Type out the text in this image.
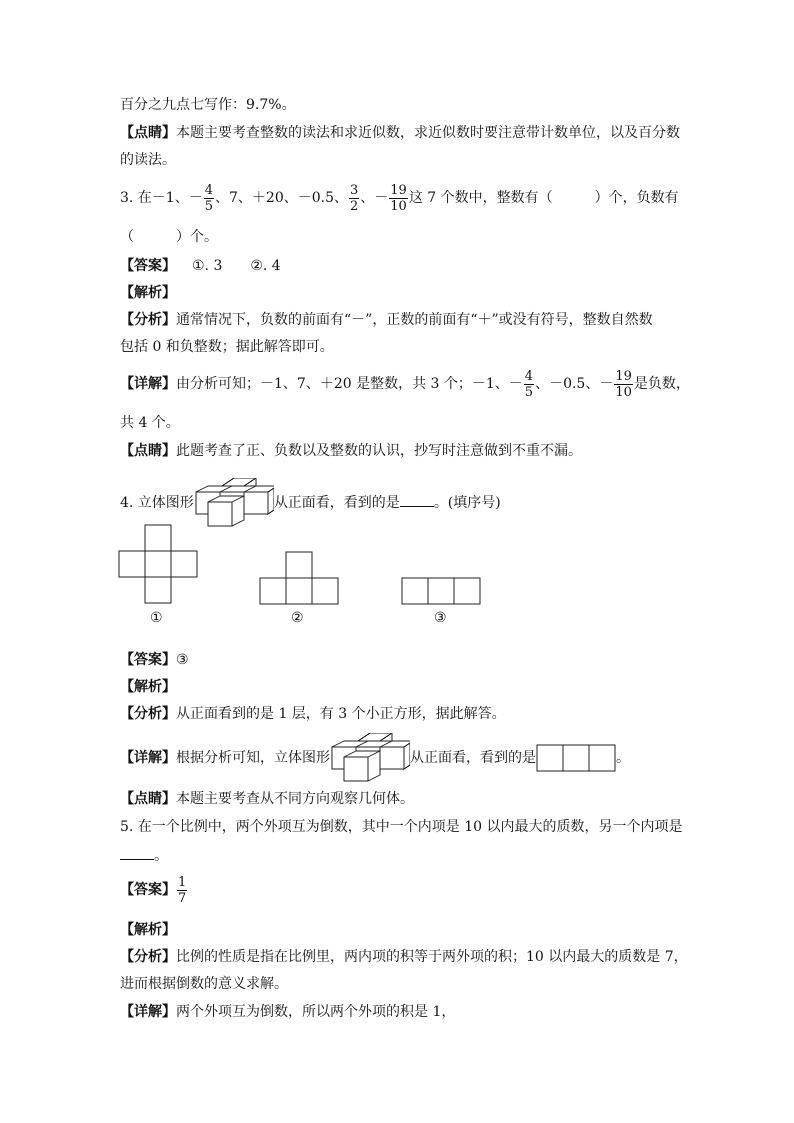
百分之九点七写作：9.7%。
【点睛】本题主要考查整数的读法和求近似数，求近似数时要注意带计数单位，以及百分数
的读法。
3. 在－1、－ $\frac{4}{5}$ 、7、＋20、－0.5、 $\frac{3}{2}$ 、－ $\frac{19}{10}$ 这 7 个数中，整数有（　　　）个，负数有
（　　　）个。
【答案】 ①. 3　　②. 4
【解析】
【分析】通常情况下，负数的前面有“－”，正数的前面有“＋”或没有符号，整数自然数
包括 0 和负整数；据此解答即可。
【详解】由分析可知；－1、7、＋20 是整数，共 3 个；－1、－ $\frac{4}{5}$ 、－0.5、－ $\frac{19}{10}$ 是负数，
共 4 个。
【点睛】此题考查了正、负数以及整数的认识，抄写时注意做到不重不漏。
4. 立体图形	从正面看，看到的是 。(填序号)
①	②	③
【答案】③
【解析】
【分析】从正面看到的是 1 层，有 3 个小正方形，据此解答。
【详解】根据分析可知，立体图形	从正面看，看到的是	。
【点睛】本题主要考查从不同方向观察几何体。
5. 在一个比例中，两个外项互为倒数，其中一个内项是 10 以内最大的质数，另一个内项是
。
【答案】 $\frac{1}{7}$
【解析】
【分析】比例的性质是指在比例里，两内项的积等于两外项的积；10 以内最大的质数是 7，
进而根据倒数的意义求解。
【详解】两个外项互为倒数，所以两个外项的积是 1，
